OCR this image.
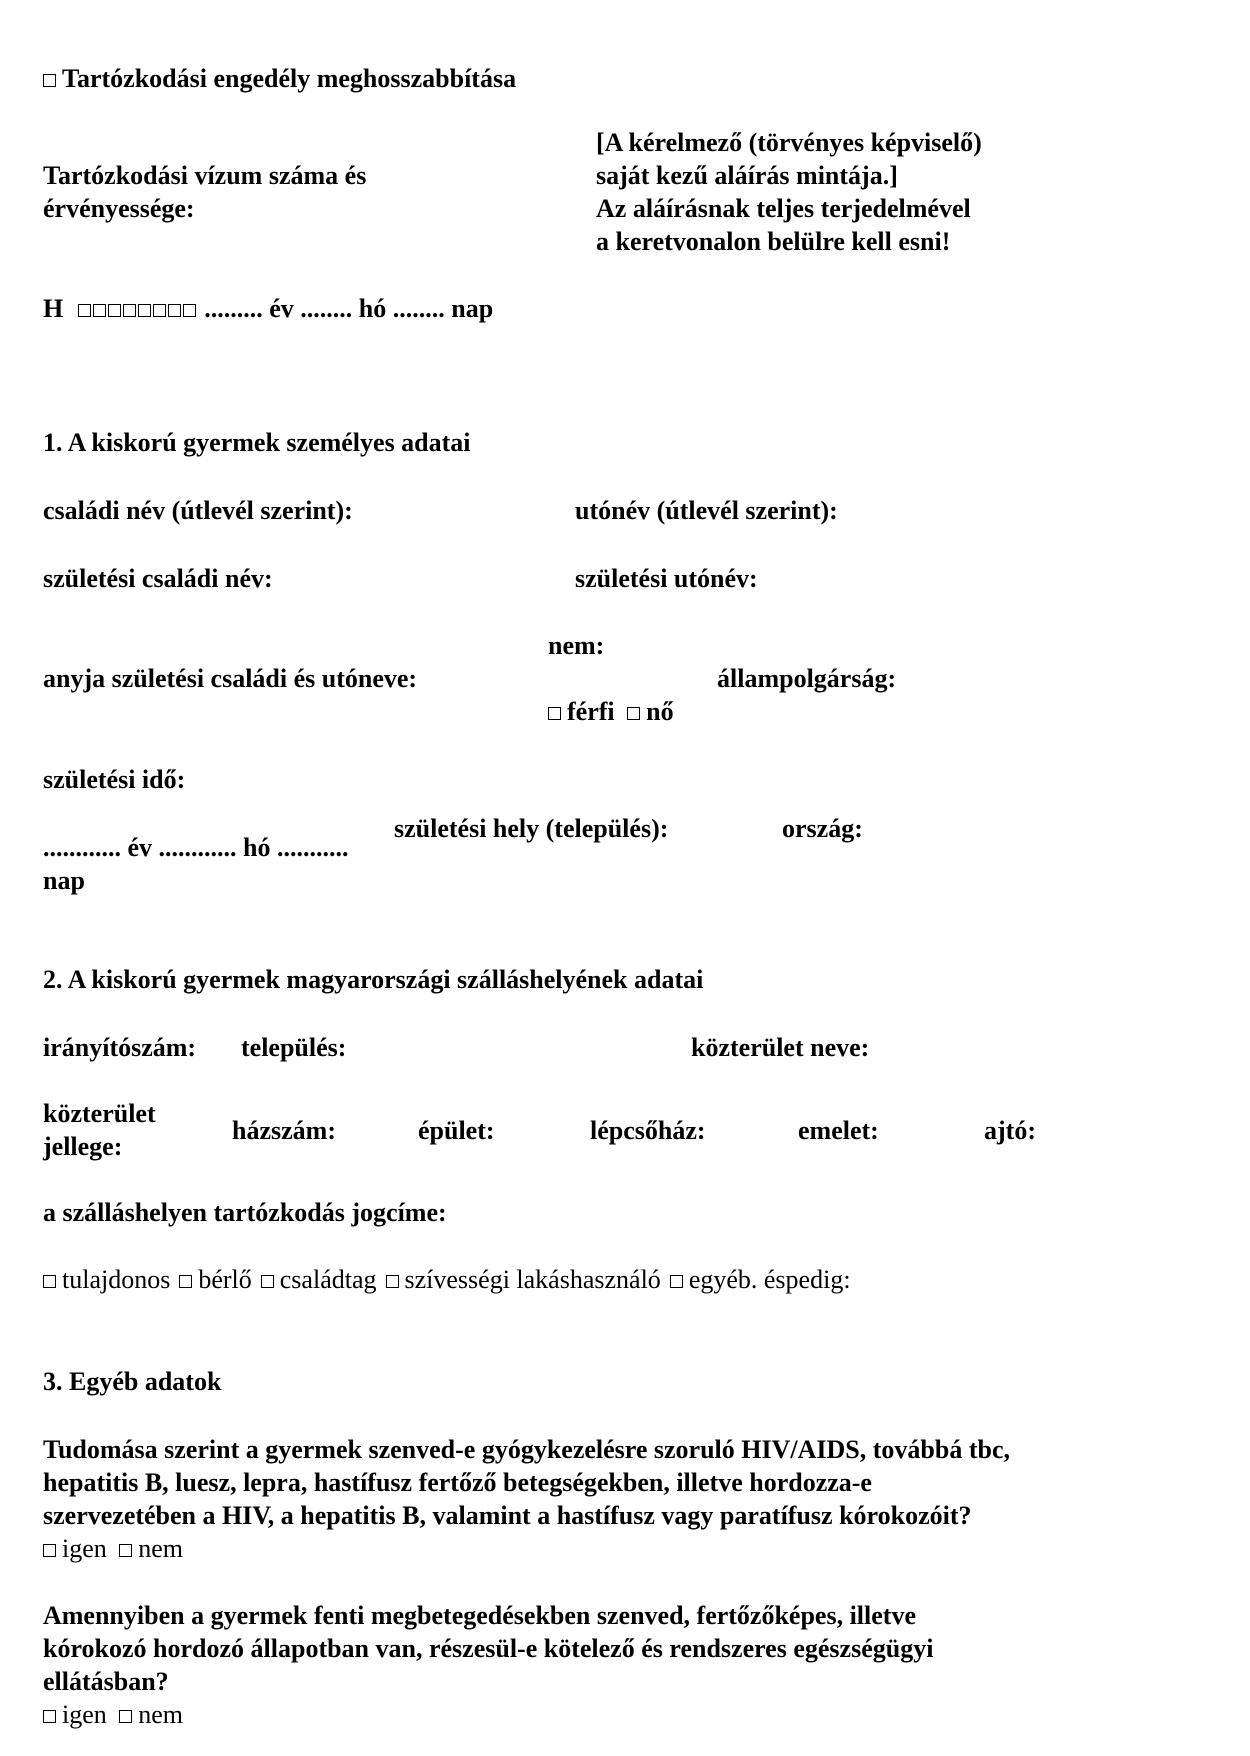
Tartózkodási engedély meghosszabbítása
Tartózkodási vízum száma és
érvényessége:
[A kérelmező (törvényes képviselő)
saját kezű aláírás mintája.]
Az aláírásnak teljes terjedelmével
a keretvonalon belülre kell esni!
H	......... év ........ hó ........ nap
1. A kiskorú gyermek személyes adatai
családi név (útlevél szerint):	utónév (útlevél szerint):
születési családi név:	születési utónév:
nem:
anyja születési családi és utóneve:	állampolgárság:
férfi nő
születési idő:
............ év ............ hó ...........
nap
születési hely (település):	ország:
2. A kiskorú gyermek magyarországi szálláshelyének adatai
irányítószám: település:	közterület neve:
közterület
jellege:
házszám:	épület:	lépcsőház:	emelet:	ajtó:
a szálláshelyen tartózkodás jogcíme:
tulajdonos bérlő családtag szívességi lakáshasználó egyéb. éspedig:
3. Egyéb adatok
Tudomása szerint a gyermek szenved-e gyógykezelésre szoruló HIV/AIDS, továbbá tbc,
hepatitis B, luesz, lepra, hastífusz fertőző betegségekben, illetve hordozza-e
szervezetében a HIV, a hepatitis B, valamint a hastífusz vagy paratífusz kórokozóit?
igen nem
Amennyiben a gyermek fenti megbetegedésekben szenved, fertőzőképes, illetve
kórokozó hordozó állapotban van, részesül-e kötelező és rendszeres egészségügyi
ellátásban?
igen nem
